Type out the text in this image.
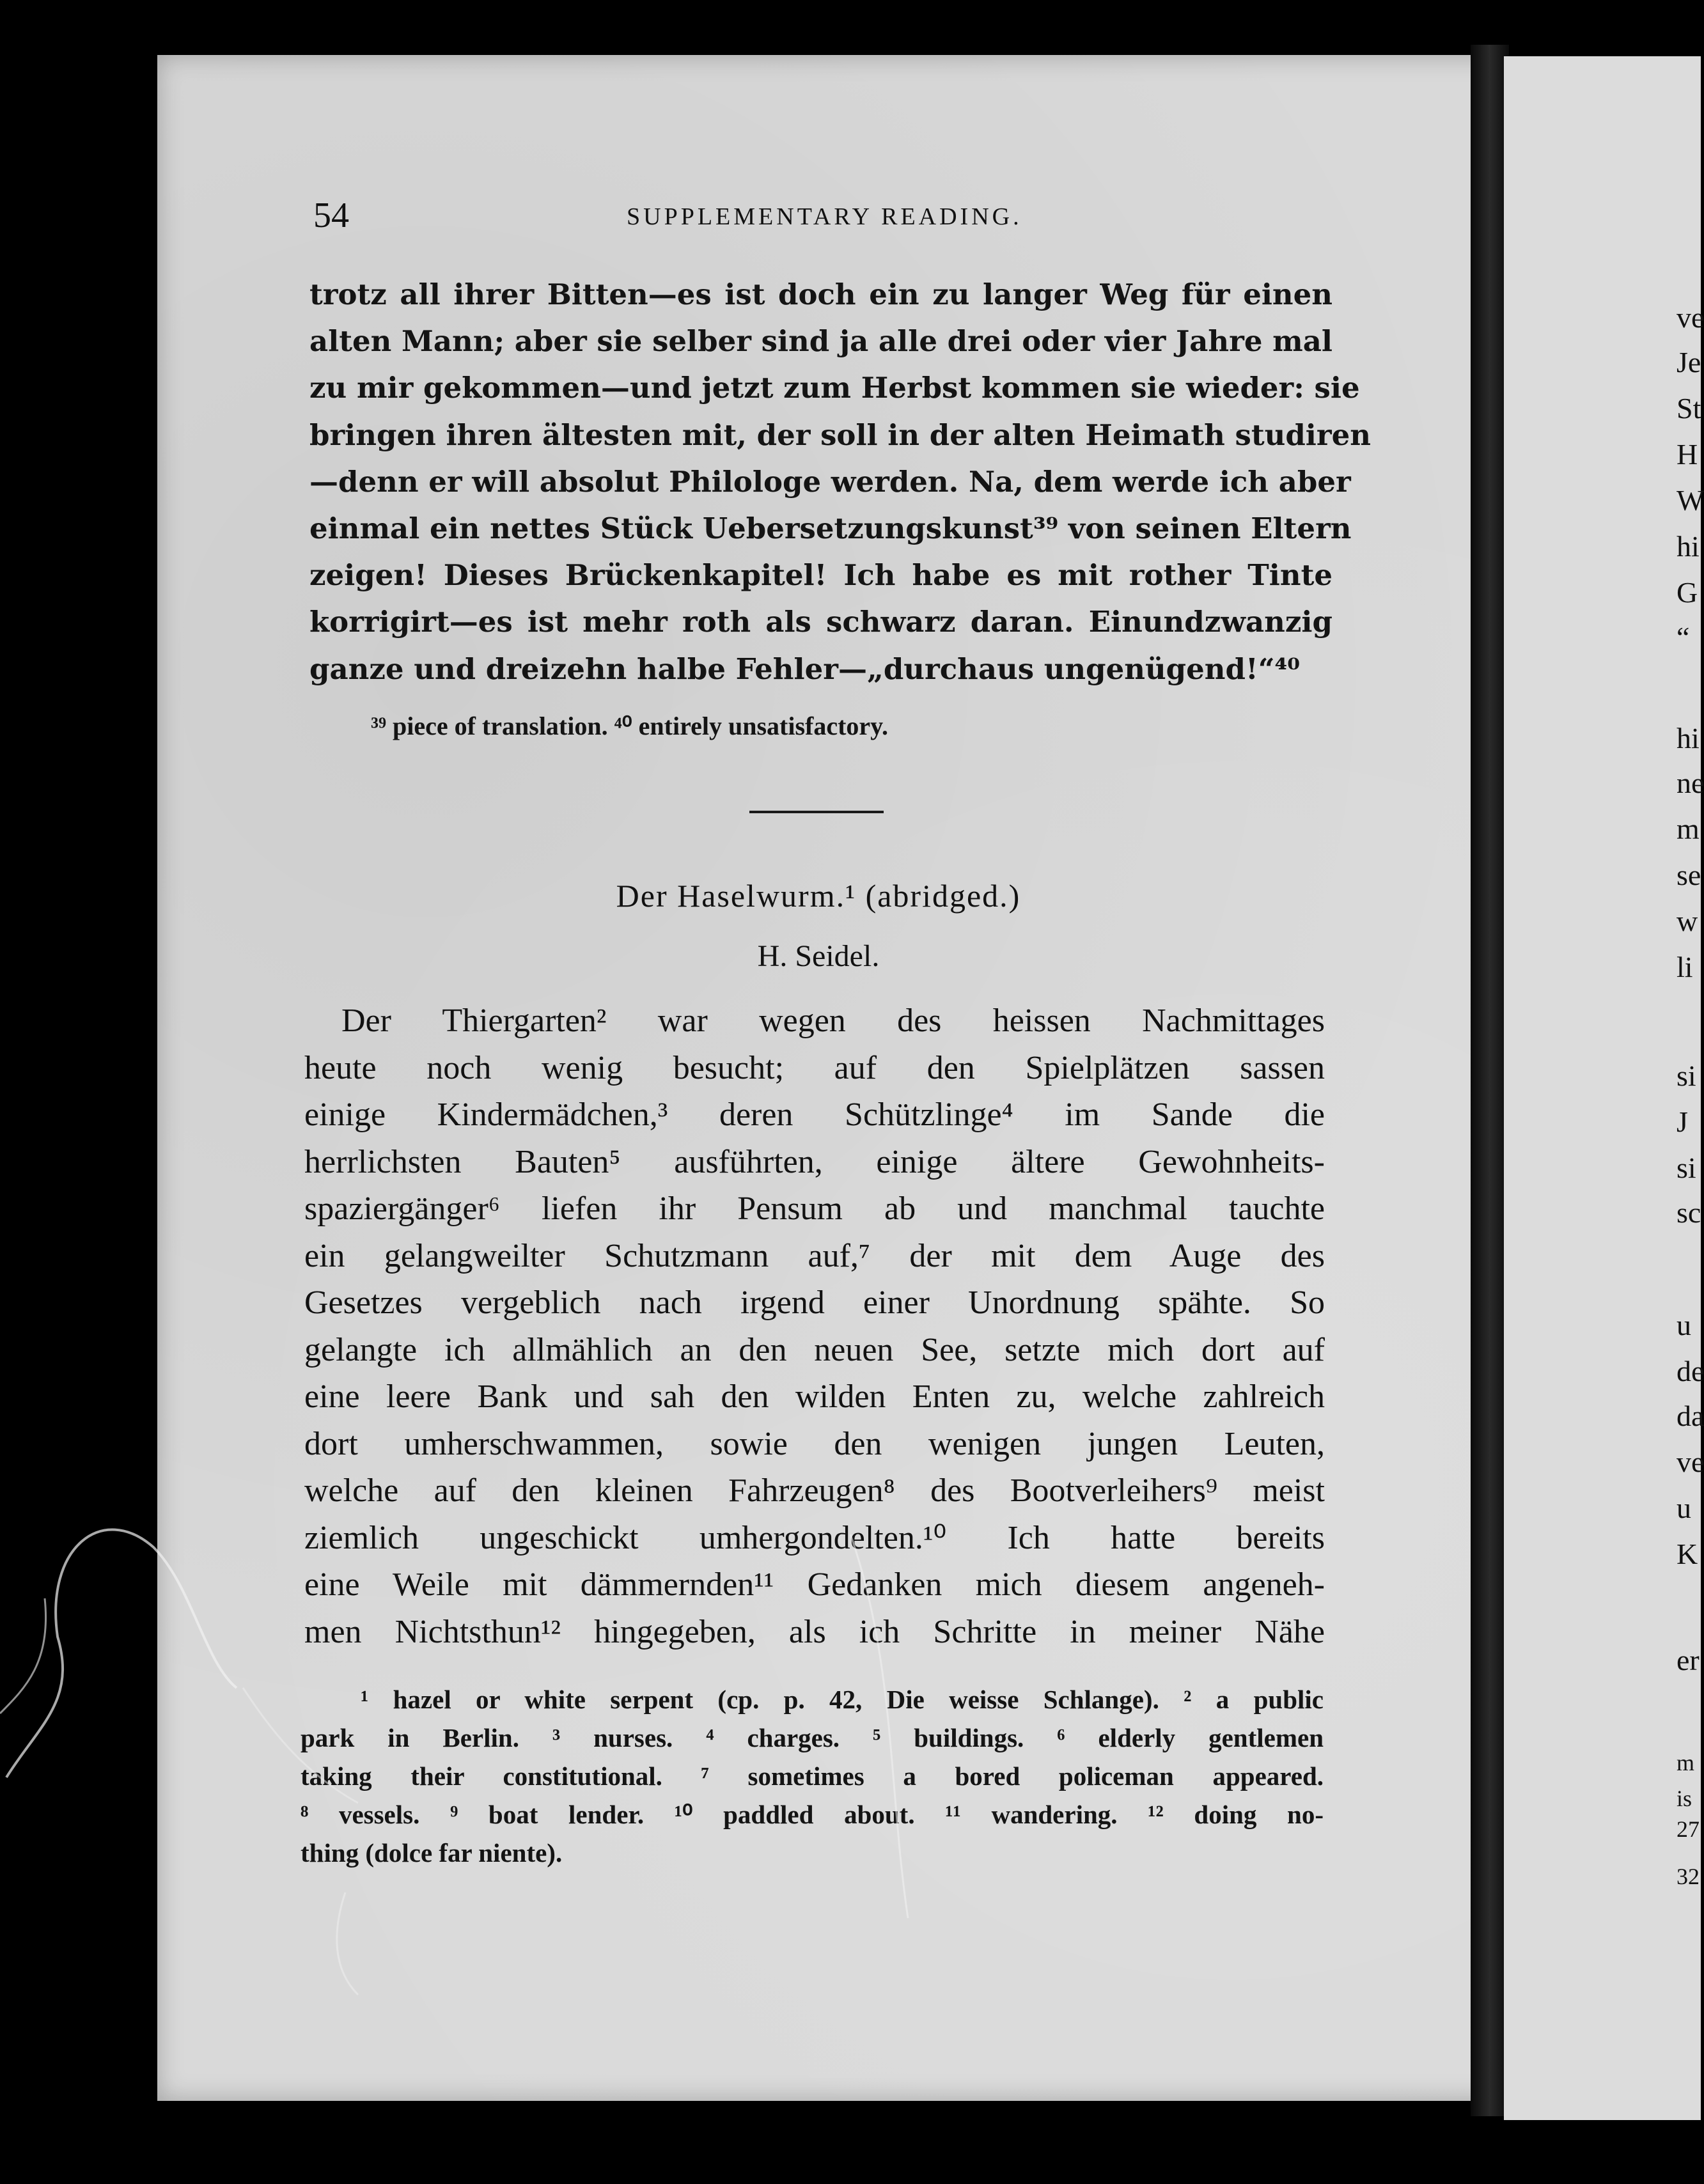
ve
Je
St
H
W
hi
G
“
hi
ne
m
se
w
li
si
J
si
sc
u
de
da
ve
u
K
er
m
is
27
32
54	SUPPLEMENTARY READING.
trotz all ihrer Bitten—es ist doch ein zu langer Weg für einen
alten Mann; aber sie selber sind ja alle drei oder vier Jahre mal
zu mir gekommen—und jetzt zum Herbst kommen sie wieder: sie
bringen ihren ältesten mit, der soll in der alten Heimath studiren
—denn er will absolut Philologe werden. Na, dem werde ich aber
einmal ein nettes Stück Uebersetzungskunst³⁹ von seinen Eltern
zeigen! Dieses Brückenkapitel! Ich habe es mit rother Tinte
korrigirt—es ist mehr roth als schwarz daran. Einundzwanzig
ganze und dreizehn halbe Fehler—„durchaus ungenügend!“⁴⁰
³⁹ piece of translation. ⁴⁰ entirely unsatisfactory.
Der Haselwurm.¹ (abridged.)
H. Seidel.
Der Thiergarten² war wegen des heissen Nachmittages
heute noch wenig besucht; auf den Spielplätzen sassen
einige Kindermädchen,³ deren Schützlinge⁴ im Sande die
herrlichsten Bauten⁵ ausführten, einige ältere Gewohnheits-
spaziergänger⁶ liefen ihr Pensum ab und manchmal tauchte
ein gelangweilter Schutzmann auf,⁷ der mit dem Auge des
Gesetzes vergeblich nach irgend einer Unordnung spähte. So
gelangte ich allmählich an den neuen See, setzte mich dort auf
eine leere Bank und sah den wilden Enten zu, welche zahlreich
dort umherschwammen, sowie den wenigen jungen Leuten,
welche auf den kleinen Fahrzeugen⁸ des Bootverleihers⁹ meist
ziemlich ungeschickt umhergondelten.¹⁰ Ich hatte bereits
eine Weile mit dämmernden¹¹ Gedanken mich diesem angeneh-
men Nichtsthun¹² hingegeben, als ich Schritte in meiner Nähe
¹ hazel or white serpent (cp. p. 42, Die weisse Schlange). ² a public
park in Berlin. ³ nurses. ⁴ charges. ⁵ buildings. ⁶ elderly gentlemen
taking their constitutional. ⁷ sometimes a bored policeman appeared.
⁸ vessels. ⁹ boat lender. ¹⁰ paddled about. ¹¹ wandering. ¹² doing no-
thing (dolce far niente).
